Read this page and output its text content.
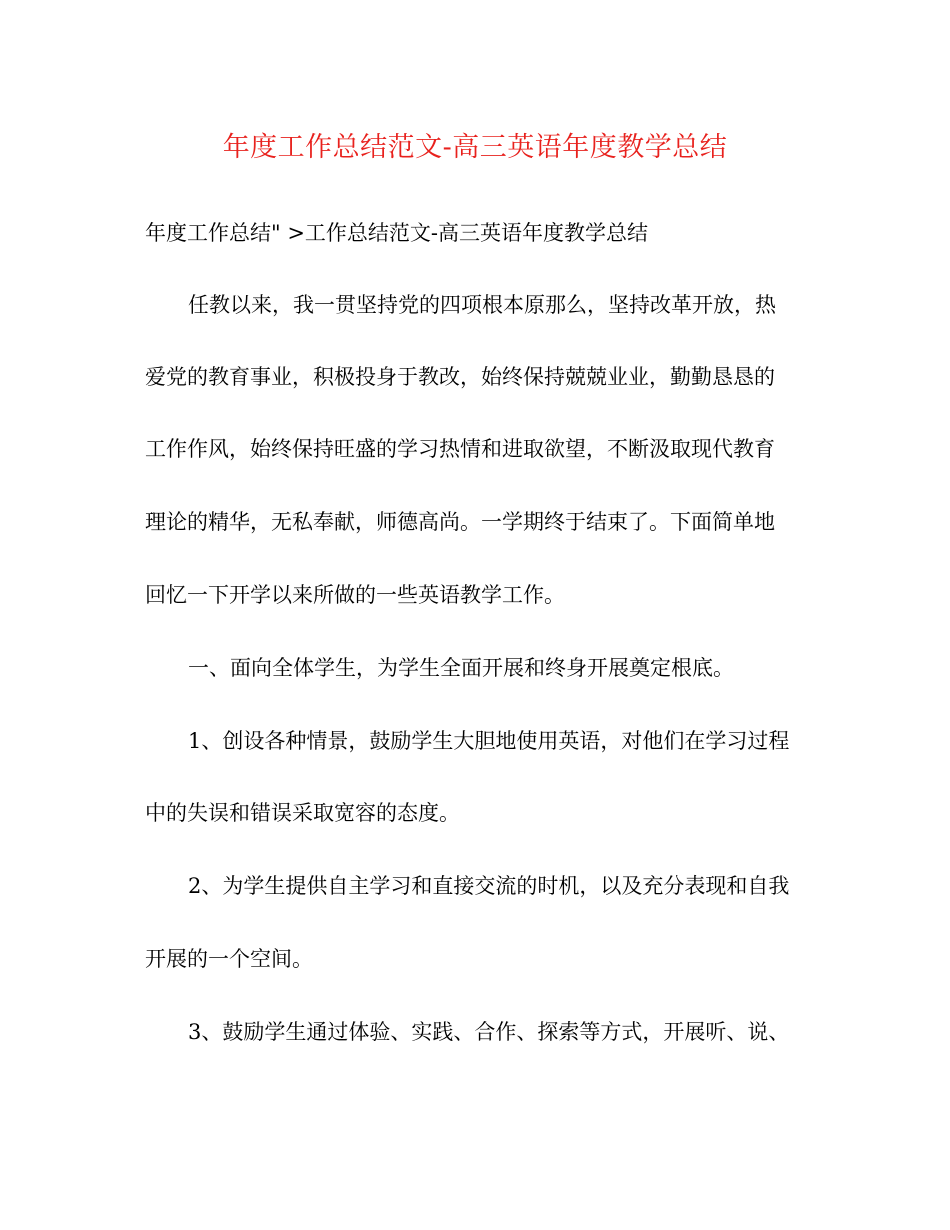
年度工作总结范文-高三英语年度教学总结
年度工作总结" >工作总结范文-高三英语年度教学总结
任教以来，我一贯坚持党的四项根本原那么，坚持改革开放，热
爱党的教育事业，积极投身于教改，始终保持兢兢业业，勤勤恳恳的
工作作风，始终保持旺盛的学习热情和进取欲望，不断汲取现代教育
理论的精华，无私奉献，师德高尚。一学期终于结束了。下面简单地
回忆一下开学以来所做的一些英语教学工作。
一、面向全体学生，为学生全面开展和终身开展奠定根底。
1、创设各种情景，鼓励学生大胆地使用英语，对他们在学习过程
中的失误和错误采取宽容的态度。
2、为学生提供自主学习和直接交流的时机，以及充分表现和自我
开展的一个空间。
3、鼓励学生通过体验、实践、合作、探索等方式，开展听、说、
